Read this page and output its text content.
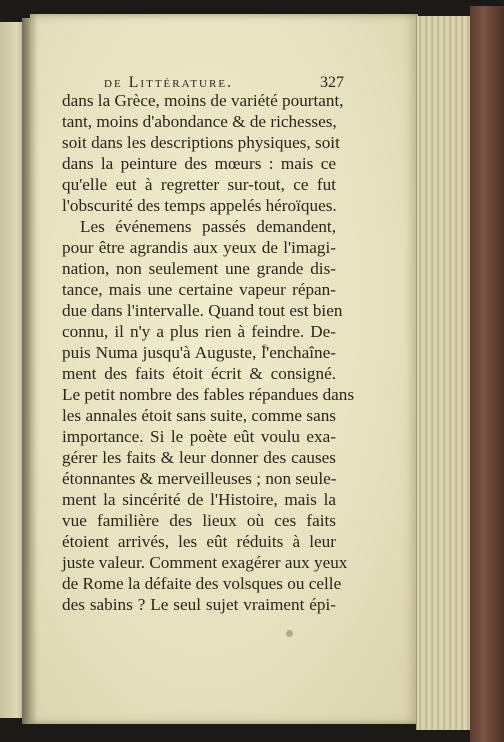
de Littérature.	327
dans la Grèce, moins de variété pourtant,
tant, moins d'abondance & de richesses,
soit dans les descriptions physiques, soit
dans la peinture des mœurs : mais ce
qu'elle eut à regretter sur-tout, ce fut
l'obscurité des temps appelés héroïques.
Les événemens passés demandent,
pour être agrandis aux yeux de l'imagi-
nation, non seulement une grande dis-
tance, mais une certaine vapeur répan-
due dans l'intervalle. Quand tout est bien
connu, il n'y a plus rien à feindre. De-
puis Numa jusqu'à Auguste, l'enchaîne-
ment des faits étoit écrit & consigné.
Le petit nombre des fables répandues dans
les annales étoit sans suite, comme sans
importance. Si le poète eût voulu exa-
gérer les faits & leur donner des causes
étonnantes & merveilleuses ; non seule-
ment la sincérité de l'Histoire, mais la
vue familière des lieux où ces faits
étoient arrivés, les eût réduits à leur
juste valeur. Comment exagérer aux yeux
de Rome la défaite des volsques ou celle
des sabins ? Le seul sujet vraiment épi-
